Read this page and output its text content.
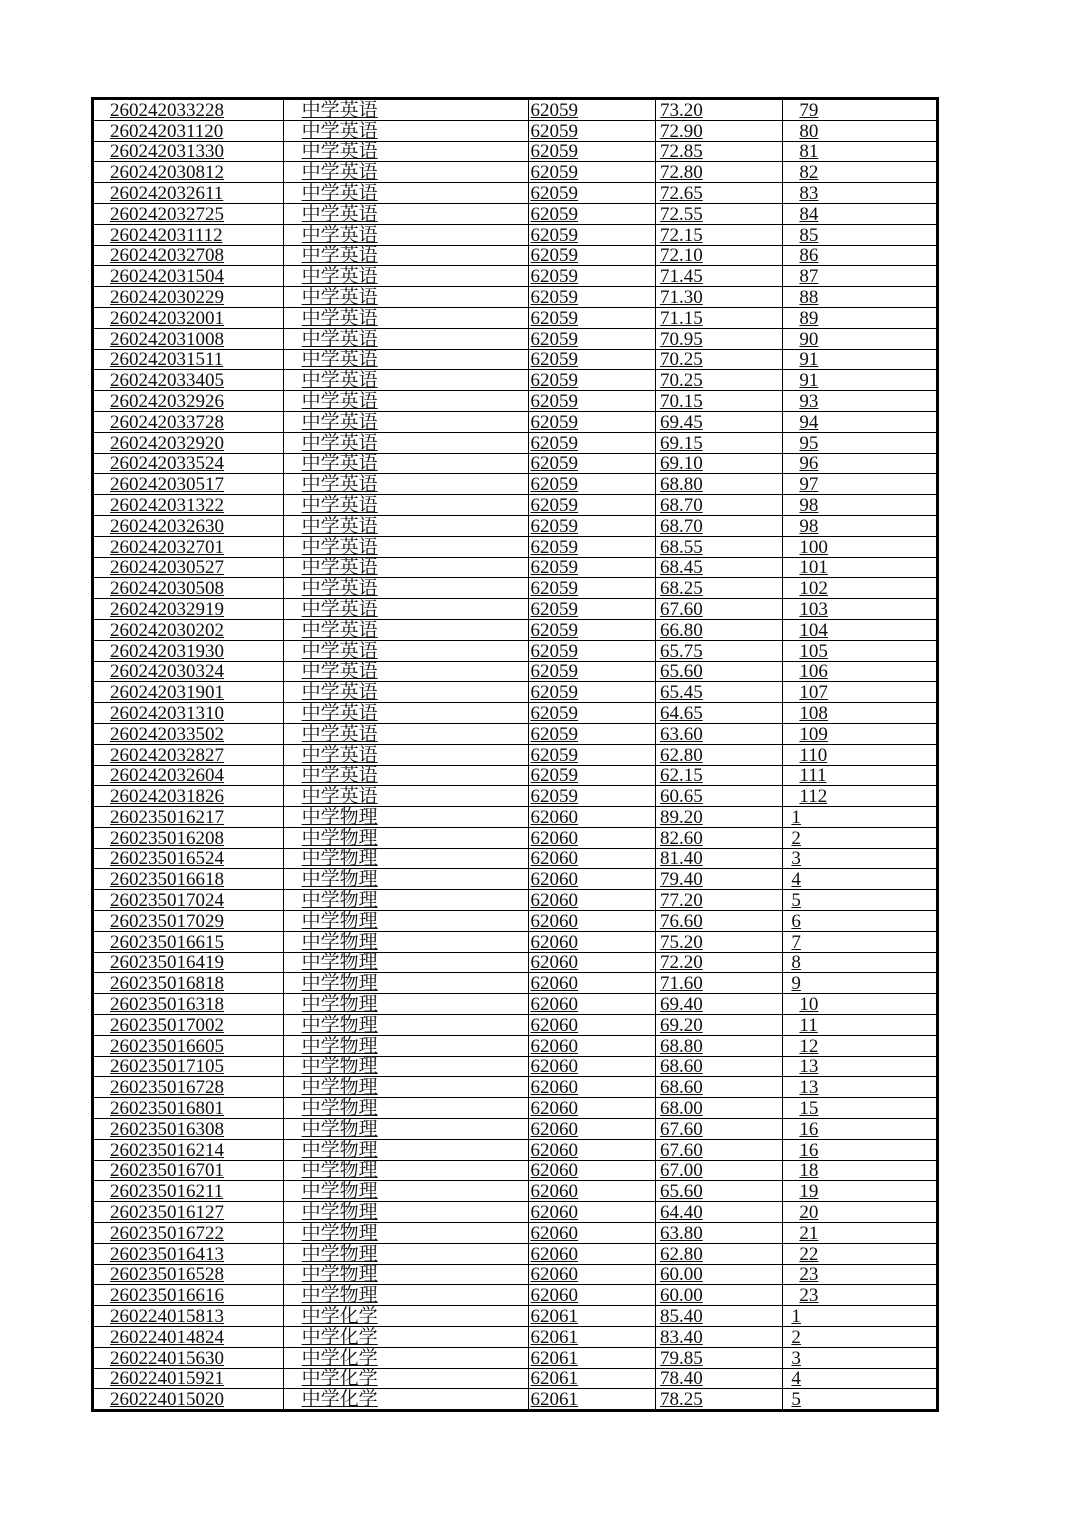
260242033228	中学英语	62059	73.20	79

260242031120	中学英语	62059	72.90	80

260242031330	中学英语	62059	72.85	81

260242030812	中学英语	62059	72.80	82

260242032611	中学英语	62059	72.65	83

260242032725	中学英语	62059	72.55	84

260242031112	中学英语	62059	72.15	85

260242032708	中学英语	62059	72.10	86

260242031504	中学英语	62059	71.45	87

260242030229	中学英语	62059	71.30	88

260242032001	中学英语	62059	71.15	89

260242031008	中学英语	62059	70.95	90

260242031511	中学英语	62059	70.25	91

260242033405	中学英语	62059	70.25	91

260242032926	中学英语	62059	70.15	93

260242033728	中学英语	62059	69.45	94

260242032920	中学英语	62059	69.15	95

260242033524	中学英语	62059	69.10	96

260242030517	中学英语	62059	68.80	97

260242031322	中学英语	62059	68.70	98

260242032630	中学英语	62059	68.70	98

260242032701	中学英语	62059	68.55	100

260242030527	中学英语	62059	68.45	101

260242030508	中学英语	62059	68.25	102

260242032919	中学英语	62059	67.60	103

260242030202	中学英语	62059	66.80	104

260242031930	中学英语	62059	65.75	105

260242030324	中学英语	62059	65.60	106

260242031901	中学英语	62059	65.45	107

260242031310	中学英语	62059	64.65	108

260242033502	中学英语	62059	63.60	109

260242032827	中学英语	62059	62.80	110

260242032604	中学英语	62059	62.15	111

260242031826	中学英语	62059	60.65	112

260235016217	中学物理	62060	89.20	1

260235016208	中学物理	62060	82.60	2

260235016524	中学物理	62060	81.40	3

260235016618	中学物理	62060	79.40	4

260235017024	中学物理	62060	77.20	5

260235017029	中学物理	62060	76.60	6

260235016615	中学物理	62060	75.20	7

260235016419	中学物理	62060	72.20	8

260235016818	中学物理	62060	71.60	9

260235016318	中学物理	62060	69.40	10

260235017002	中学物理	62060	69.20	11

260235016605	中学物理	62060	68.80	12

260235017105	中学物理	62060	68.60	13

260235016728	中学物理	62060	68.60	13

260235016801	中学物理	62060	68.00	15

260235016308	中学物理	62060	67.60	16

260235016214	中学物理	62060	67.60	16

260235016701	中学物理	62060	67.00	18

260235016211	中学物理	62060	65.60	19

260235016127	中学物理	62060	64.40	20

260235016722	中学物理	62060	63.80	21

260235016413	中学物理	62060	62.80	22

260235016528	中学物理	62060	60.00	23

260235016616	中学物理	62060	60.00	23

260224015813	中学化学	62061	85.40	1

260224014824	中学化学	62061	83.40	2

260224015630	中学化学	62061	79.85	3

260224015921	中学化学	62061	78.40	4

260224015020	中学化学	62061	78.25	5
